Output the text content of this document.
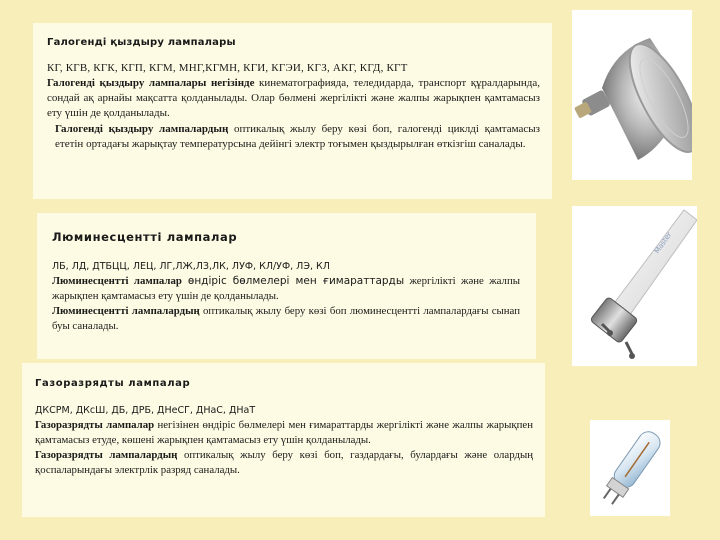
Галогенді қыздыру лампалары

КГ, КГВ, КГК, КГП, КГМ, МНГ,КГМН, КГИ, КГЭИ, КГЗ, АКГ, КГД, КГТ

Галогенді қыздыру лампалары негізінде кинематографияда, теледидарда, транспорт құралдарында, сондай ақ арнайы мақсатта қолданылады. Олар бөлмені жергілікті және жалпы жарықпен қамтамасыз ету үшін де қолданылады.

Галогенді қыздыру лампалардың оптикалық жылу беру көзі боп, галогенді циклді қамтамасыз ететін ортадағы жарықтау температурсына дейінгі электр тоғымен қыздырылған өткізгіш саналады.

Люминесцентті лампалар

ЛБ, ЛД, ДТБЦЦ, ЛЕЦ, ЛГ,ЛЖ,ЛЗ,ЛК, ЛУФ, КЛ/УФ, ЛЭ, КЛ

Люминесцентті лампалар өндіріс бөлмелері мен ғимараттарды жергілікті және жалпы жарықпен қамтамасыз ету үшін де қолданылады.

Люминесцентті лампалардың оптикалық жылу беру көзі боп люминесцентті лампалардағы сынап буы саналады.

Газоразрядты лампалар

ДКСРМ, ДКсШ, ДБ, ДРБ, ДНеСГ, ДНаС, ДНаТ

Газоразрядты лампалар негізінен өндіріс бөлмелері мен ғимараттарды жергілікті және жалпы жарықпен қамтамасыз етуде, көшені жарықпен қамтамасыз ету үшін қолданылады.

Газоразрядты лампалардың оптикалық жылу беру көзі боп, газдардағы, булардағы және олардың қоспаларындағы электрлік разряд саналады.

Master
